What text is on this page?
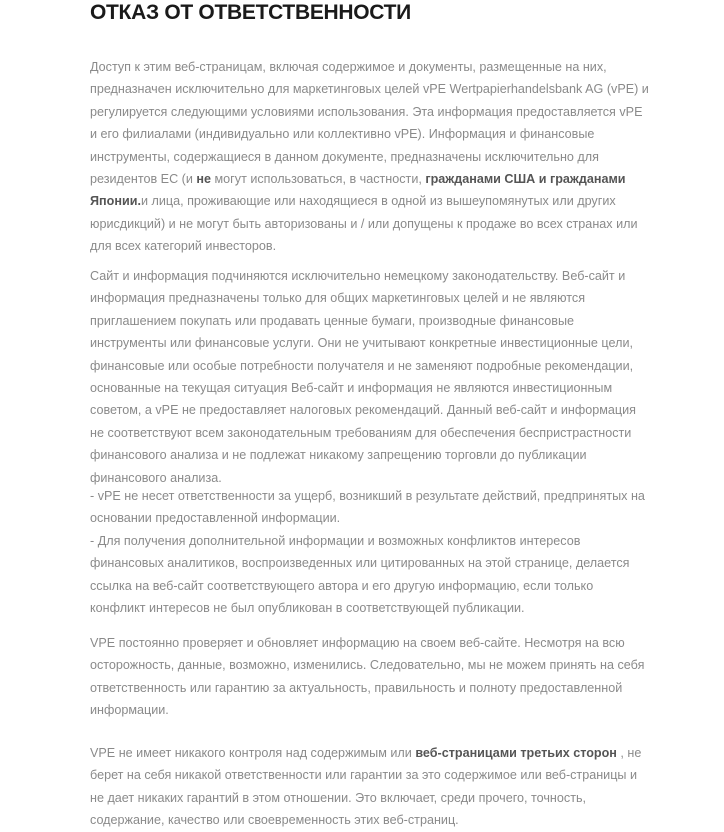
ОТКАЗ ОТ ОТВЕТСТВЕННОСТИ
Доступ к этим веб-страницам, включая содержимое и документы, размещенные на них,
предназначен исключительно для маркетинговых целей vPE Wertpapierhandelsbank AG (vPE) и
регулируется следующими условиями использования. Эта информация предоставляется vPE
и его филиалами (индивидуально или коллективно vPE). Информация и финансовые
инструменты, содержащиеся в данном документе, предназначены исключительно для
резидентов ЕС (и не могут использоваться, в частности, гражданами США и гражданами
Японии.и лица, проживающие или находящиеся в одной из вышеупомянутых или других
юрисдикций) и не могут быть авторизованы и / или допущены к продаже во всех странах или
для всех категорий инвесторов.
Сайт и информация подчиняются исключительно немецкому законодательству. Веб-сайт и
информация предназначены только для общих маркетинговых целей и не являются
приглашением покупать или продавать ценные бумаги, производные финансовые
инструменты или финансовые услуги. Они не учитывают конкретные инвестиционные цели,
финансовые или особые потребности получателя и не заменяют подробные рекомендации,
основанные на текущая ситуация Веб-сайт и информация не являются инвестиционным
советом, а vPE не предоставляет налоговых рекомендаций. Данный веб-сайт и информация
не соответствуют всем законодательным требованиям для обеспечения беспристрастности
финансового анализа и не подлежат никакому запрещению торговли до публикации
финансового анализа.
- vPE не несет ответственности за ущерб, возникший в результате действий, предпринятых на
основании предоставленной информации.
- Для получения дополнительной информации и возможных конфликтов интересов
финансовых аналитиков, воспроизведенных или цитированных на этой странице, делается
ссылка на веб-сайт соответствующего автора и его другую информацию, если только
конфликт интересов не был опубликован в соответствующей публикации.
VPE постоянно проверяет и обновляет информацию на своем веб-сайте. Несмотря на всю
осторожность, данные, возможно, изменились. Следовательно, мы не можем принять на себя
ответственность или гарантию за актуальность, правильность и полноту предоставленной
информации.
VPE не имеет никакого контроля над содержимым или веб-страницами третьих сторон , не
берет на себя никакой ответственности или гарантии за это содержимое или веб-страницы и
не дает никаких гарантий в этом отношении. Это включает, среди прочего, точность,
содержание, качество или своевременность этих веб-страниц.
